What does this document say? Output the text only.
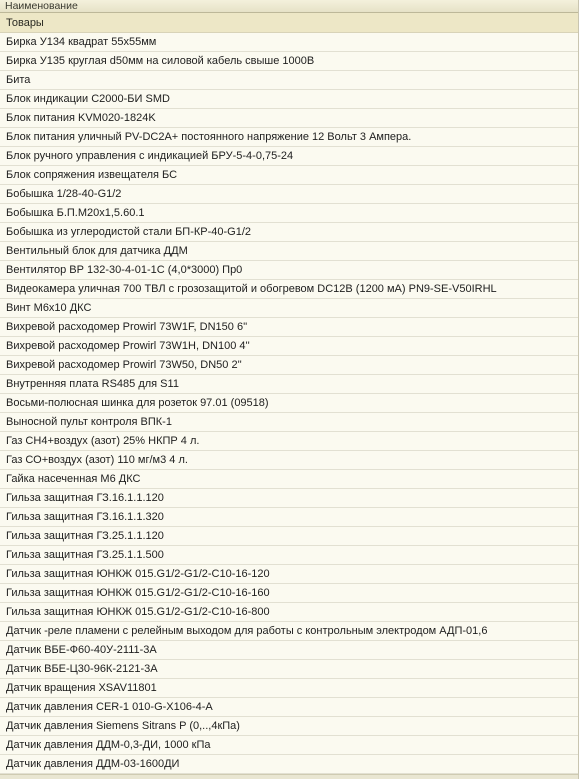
Наименование
Товары
Бирка У134 квадрат 55х55мм
Бирка У135 круглая d50мм на силовой кабель свыше 1000В
Бита
Блок индикации С2000-БИ SMD
Блок питания KVM020-1824K
Блок питания уличный PV-DC2A+ постоянного напряжение 12 Вольт 3 Ампера.
Блок ручного управления с индикацией БРУ-5-4-0,75-24
Блок сопряжения извещателя БС
Бобышка 1/28-40-G1/2
Бобышка Б.П.М20х1,5.60.1
Бобышка из углеродистой стали БП-КР-40-G1/2
Вентильный блок для датчика ДДМ
Вентилятор ВР 132-30-4-01-1С (4,0*3000) Пр0
Видеокамера уличная 700 ТВЛ с грозозащитой и обогревом DC12В (1200 мА) PN9-SE-V50IRHL
Винт М6х10 ДКС
Вихревой расходомер Prowirl 73W1F, DN150 6''
Вихревой расходомер Prowirl 73W1H, DN100 4''
Вихревой расходомер Prowirl 73W50, DN50 2''
Внутренняя плата RS485 для S11
Восьми-полюсная шинка для розеток 97.01 (09518)
Выносной пульт контроля ВПК-1
Газ СН4+воздух (азот) 25% НКПР 4 л.
Газ СО+воздух (азот) 110 мг/м3 4 л.
Гайка насеченная М6 ДКС
Гильза защитная ГЗ.16.1.1.120
Гильза защитная ГЗ.16.1.1.320
Гильза защитная ГЗ.25.1.1.120
Гильза защитная ГЗ.25.1.1.500
Гильза защитная ЮНКЖ 015.G1/2-G1/2-С10-16-120
Гильза защитная ЮНКЖ 015.G1/2-G1/2-С10-16-160
Гильза защитная ЮНКЖ 015.G1/2-G1/2-С10-16-800
Датчик -реле пламени с релейным выходом для работы с контрольным электродом АДП-01,6
Датчик ВБЕ-Ф60-40У-2111-3А
Датчик ВБЕ-Ц30-96К-2121-3А
Датчик вращения XSAV11801
Датчик давления CER-1 010-G-X106-4-A
Датчик давления Siemens Sitrans P (0,..,4кПа)
Датчик давления ДДМ-0,3-ДИ, 1000 кПа
Датчик давления ДДМ-03-1600ДИ
